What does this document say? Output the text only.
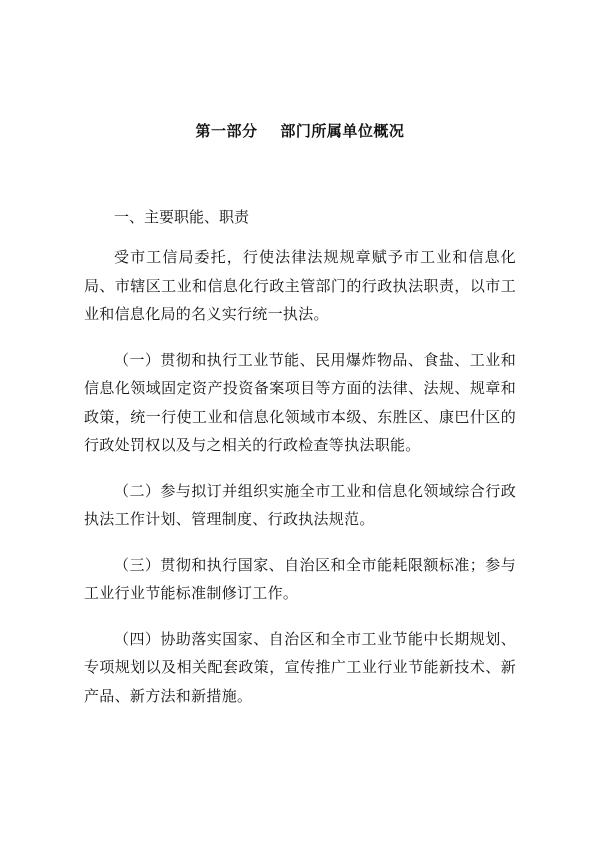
第一部分    部门所属单位概况
一、主要职能、职责

受市工信局委托，行使法律法规规章赋予市工业和信息化局、市辖区工业和信息化行政主管部门的行政执法职责，以市工业和信息化局的名义实行统一执法。

（一）贯彻和执行工业节能、民用爆炸物品、食盐、工业和信息化领域固定资产投资备案项目等方面的法律、法规、规章和政策，统一行使工业和信息化领域市本级、东胜区、康巴什区的行政处罚权以及与之相关的行政检查等执法职能。

（二）参与拟订并组织实施全市工业和信息化领域综合行政执法工作计划、管理制度、行政执法规范。

（三）贯彻和执行国家、自治区和全市能耗限额标准；参与工业行业节能标准制修订工作。

（四）协助落实国家、自治区和全市工业节能中长期规划、专项规划以及相关配套政策，宣传推广工业行业节能新技术、新产品、新方法和新措施。
